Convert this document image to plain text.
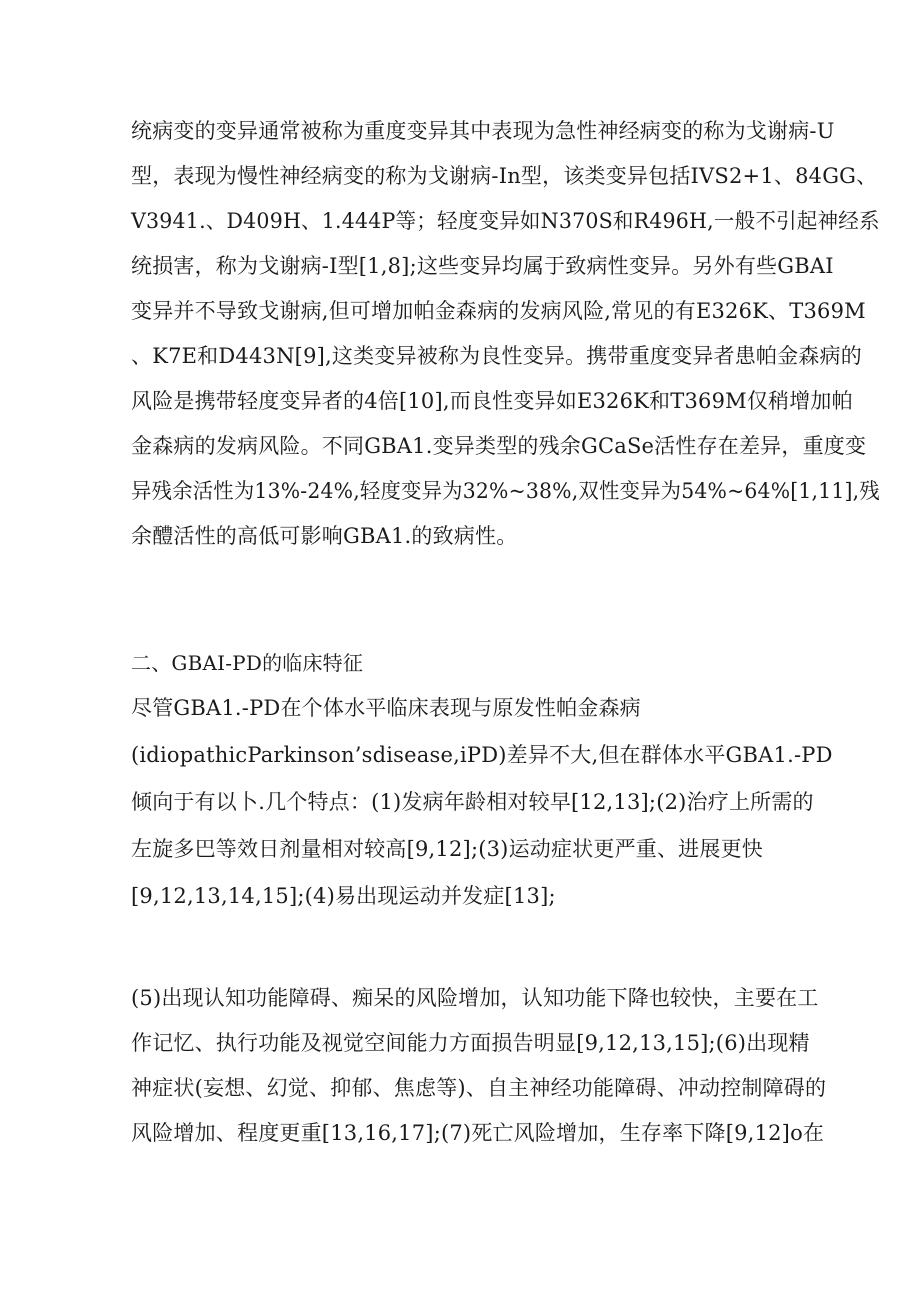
统病变的变异通常被称为重度变异其中表现为急性神经病变的称为戈谢病-U
型，表现为慢性神经病变的称为戈谢病-In型，该类变异包括IVS2+1、84GG、
V3941.、D409H、1.444P等；轻度变异如N370S和R496H,一般不引起神经系
统损害，称为戈谢病-I型[1,8];这些变异均属于致病性变异。另外有些GBAI
变异并不导致戈谢病,但可增加帕金森病的发病风险,常见的有E326K、T369M
、K7E和D443N[9],这类变异被称为良性变异。携带重度变异者患帕金森病的
风险是携带轻度变异者的4倍[10],而良性变异如E326K和T369M仅稍增加帕
金森病的发病风险。不同GBA1.变异类型的残余GCaSe活性存在差异，重度变
异残余活性为13%-24%,轻度变异为32%~38%,双性变异为54%~64%[1,11],残
余醴活性的高低可影响GBA1.的致病性。
二、GBAI-PD的临床特征
尽管GBA1.-PD在个体水平临床表现与原发性帕金森病
(idiopathicParkinson’sdisease,iPD)差异不大,但在群体水平GBA1.-PD
倾向于有以卜.几个特点：(1)发病年龄相对较早[12,13];(2)治疗上所需的
左旋多巴等效日剂量相对较高[9,12];(3)运动症状更严重、进展更快
[9,12,13,14,15];(4)易出现运动并发症[13];
(5)出现认知功能障碍、痴呆的风险增加，认知功能下降也较快，主要在工
作记忆、执行功能及视觉空间能力方面损告明显[9,12,13,15];(6)出现精
神症状(妄想、幻觉、抑郁、焦虑等)、自主神经功能障碍、冲动控制障碍的
风险增加、程度更重[13,16,17];(7)死亡风险增加，生存率下降[9,12]o在
